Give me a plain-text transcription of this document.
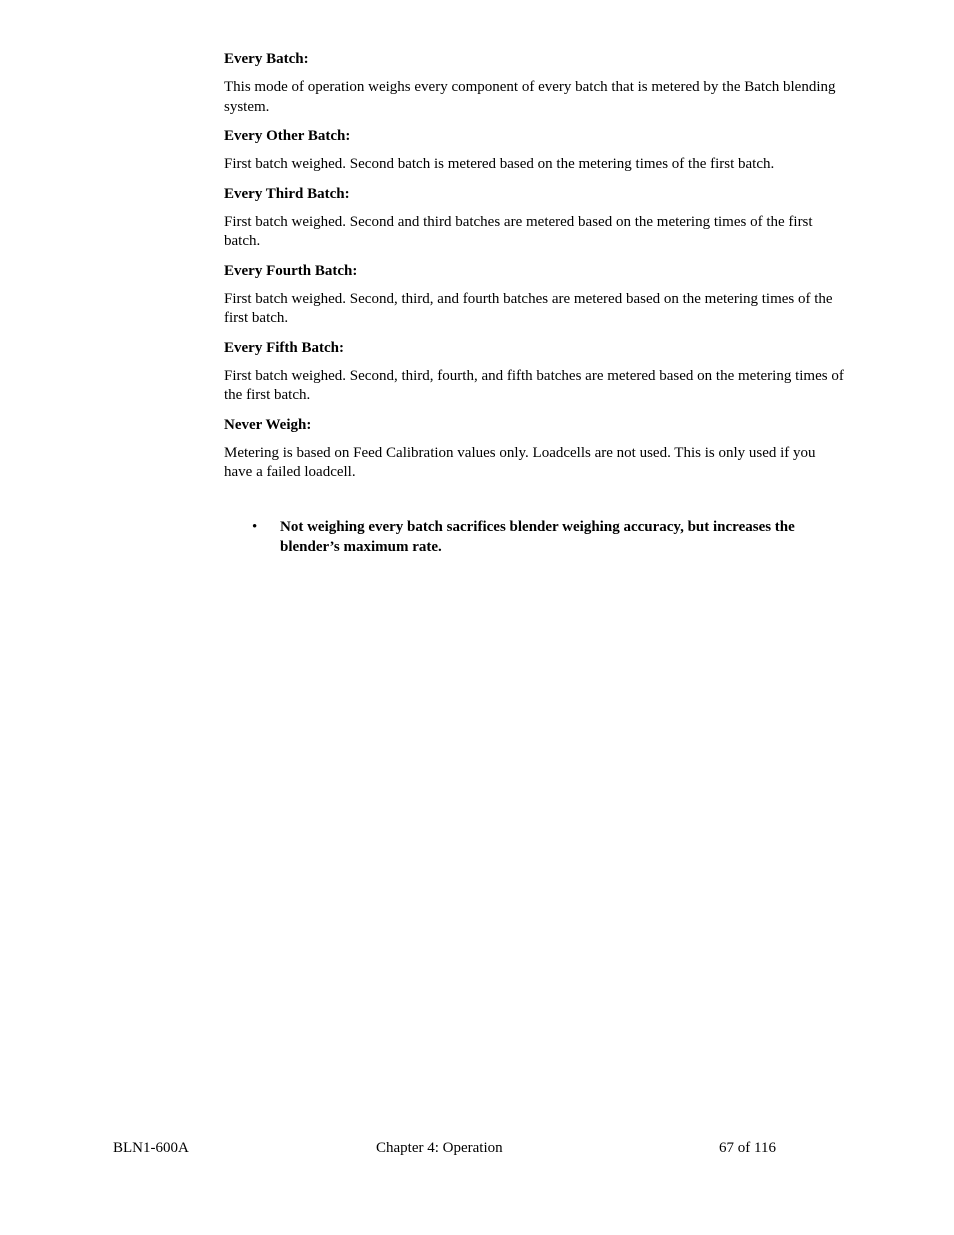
Every Batch:
This mode of operation weighs every component of every batch that is metered by the Batch blending system.
Every Other Batch:
First batch weighed. Second batch is metered based on the metering times of the first batch.
Every Third Batch:
First batch weighed. Second and third batches are metered based on the metering times of the first batch.
Every Fourth Batch:
First batch weighed. Second, third, and fourth batches are metered based on the metering times of the first batch.
Every Fifth Batch:
First batch weighed. Second, third, fourth, and fifth batches are metered based on the metering times of the first batch.
Never Weigh:
Metering is based on Feed Calibration values only. Loadcells are not used. This is only used if you have a failed loadcell.
• Not weighing every batch sacrifices blender weighing accuracy, but increases the blender’s maximum rate.
BLN1-600A	Chapter 4: Operation	67 of 116
